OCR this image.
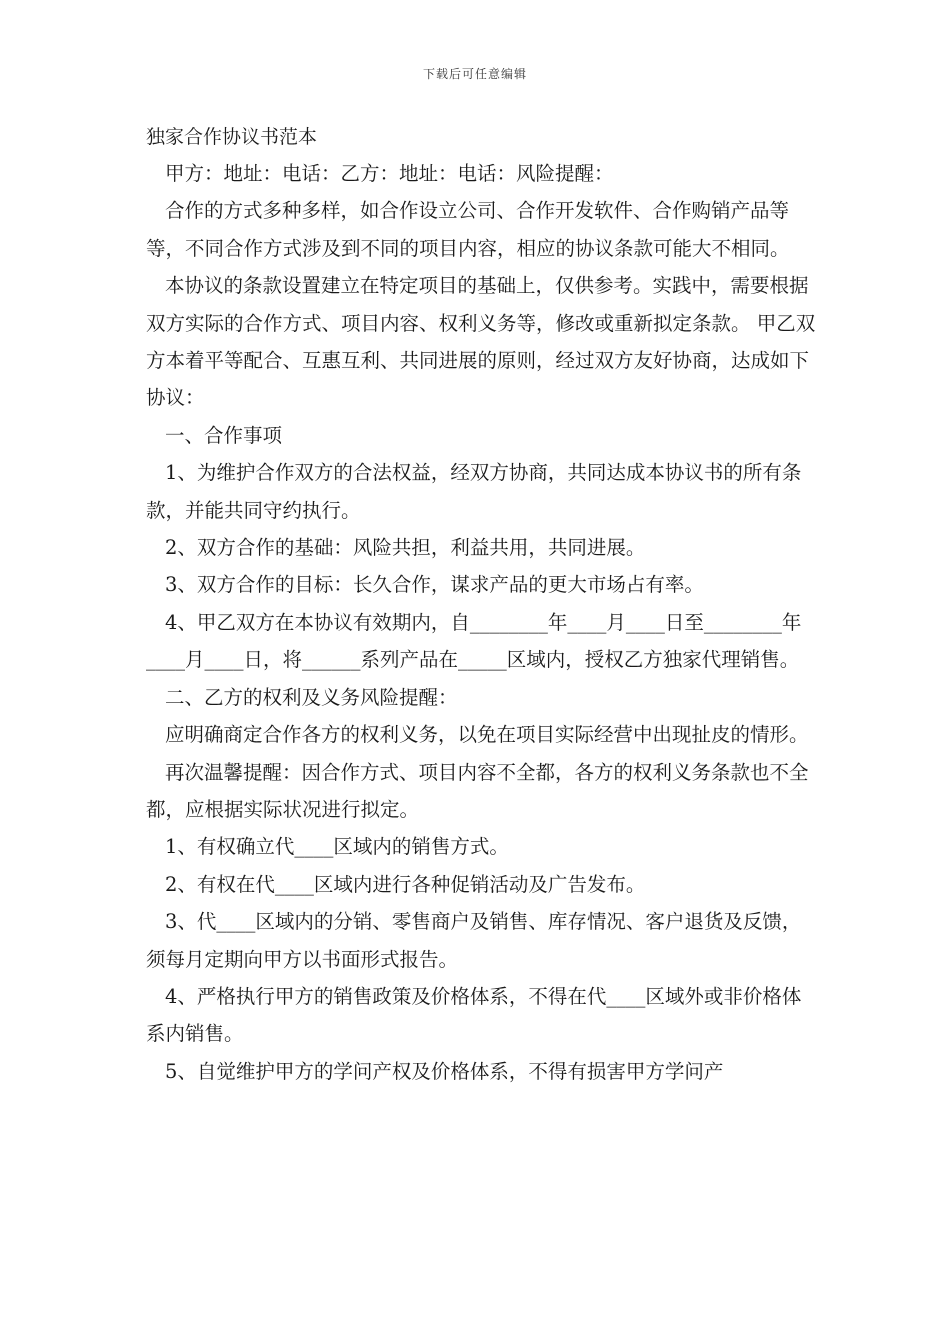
下载后可任意编辑
独家合作协议书范本

甲方：地址：电话：乙方：地址：电话：风险提醒：

合作的方式多种多样，如合作设立公司、合作开发软件、合作购销产品等等，不同合作方式涉及到不同的项目内容，相应的协议条款可能大不相同。

本协议的条款设置建立在特定项目的基础上，仅供参考。实践中，需要根据双方实际的合作方式、项目内容、权利义务等，修改或重新拟定条款。 甲乙双方本着平等配合、互惠互利、共同进展的原则，经过双方友好协商，达成如下协议：

一、合作事项

1、为维护合作双方的合法权益，经双方协商，共同达成本协议书的所有条款，并能共同守约执行。

2、双方合作的基础：风险共担，利益共用，共同进展。

3、双方合作的目标：长久合作，谋求产品的更大市场占有率。

4、甲乙双方在本协议有效期内，自________年____月____日至________年____月____日，将______系列产品在_____区域内，授权乙方独家代理销售。

二、乙方的权利及义务风险提醒：

应明确商定合作各方的权利义务，以免在项目实际经营中出现扯皮的情形。

再次温馨提醒：因合作方式、项目内容不全都，各方的权利义务条款也不全都，应根据实际状况进行拟定。

1、有权确立代____区域内的销售方式。

2、有权在代____区域内进行各种促销活动及广告发布。

3、代____区域内的分销、零售商户及销售、库存情况、客户退货及反馈，须每月定期向甲方以书面形式报告。

4、严格执行甲方的销售政策及价格体系，不得在代____区域外或非价格体系内销售。

5、自觉维护甲方的学问产权及价格体系，不得有损害甲方学问产
